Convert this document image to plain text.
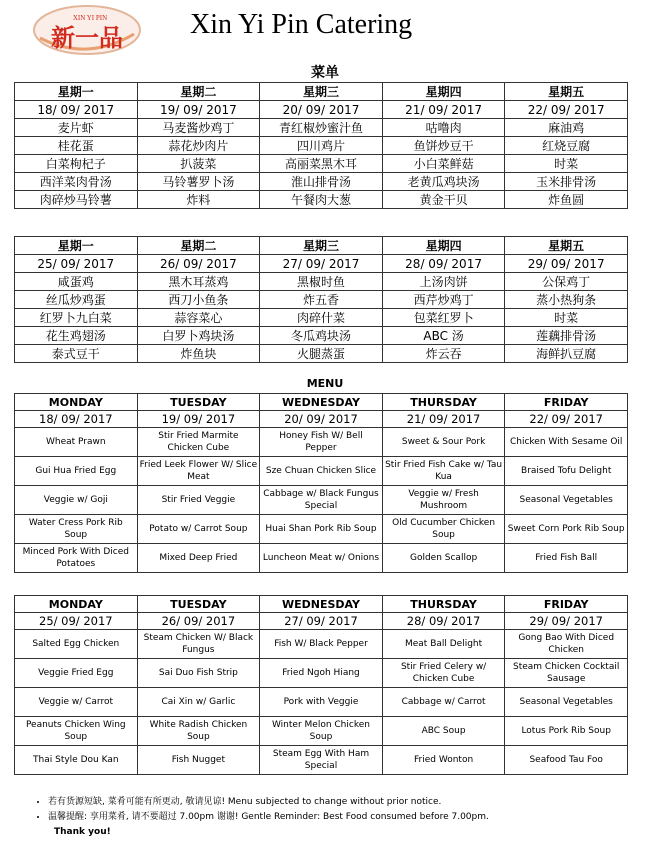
XIN YI PIN
新一品 Xin Yi Pin Catering
菜单
星期一	星期二	星期三	星期四	星期五
18/ 09/ 2017	19/ 09/ 2017	20/ 09/ 2017	21/ 09/ 2017	22/ 09/ 2017
麦片虾	马麦酱炒鸡丁	青红椒炒蜜汁鱼	咕噜肉	麻油鸡
桂花蛋	蒜花炒肉片	四川鸡片	鱼饼炒豆干	红烧豆腐
白菜枸杞子	扒菠菜	高丽菜黑木耳	小白菜鲜菇	时菜
西洋菜肉骨汤	马铃薯罗卜汤	淮山排骨汤	老黄瓜鸡块汤	玉米排骨汤
肉碎炒马铃薯	炸料	午餐肉大葱	黄金干贝	炸鱼圆
星期一	星期二	星期三	星期四	星期五
25/ 09/ 2017	26/ 09/ 2017	27/ 09/ 2017	28/ 09/ 2017	29/ 09/ 2017
咸蛋鸡	黑木耳蒸鸡	黑椒时鱼	上汤肉饼	公保鸡丁
丝瓜炒鸡蛋	西刀小鱼条	炸五香	西芹炒鸡丁	蒸小热狗条
红罗卜九白菜	蒜容菜心	肉碎什菜	包菜红罗卜	时菜
花生鸡翅汤	白罗卜鸡块汤	冬瓜鸡块汤	ABC 汤	莲藕排骨汤
泰式豆干	炸鱼块	火腿蒸蛋	炸云吞	海鲜扒豆腐
MENU
MONDAY	TUESDAY	WEDNESDAY	THURSDAY	FRIDAY
18/ 09/ 2017	19/ 09/ 2017	20/ 09/ 2017	21/ 09/ 2017	22/ 09/ 2017
Wheat Prawn	Stir Fried Marmite Chicken Cube	Honey Fish W/ Bell Pepper	Sweet & Sour Pork	Chicken With Sesame Oil
Gui Hua Fried Egg	Fried Leek Flower W/ Slice Meat	Sze Chuan Chicken Slice	Stir Fried Fish Cake w/ Tau Kua	Braised Tofu Delight
Veggie w/ Goji	Stir Fried Veggie	Cabbage w/ Black Fungus Special	Veggie w/ Fresh Mushroom	Seasonal Vegetables
Water Cress Pork Rib Soup	Potato w/ Carrot Soup	Huai Shan Pork Rib Soup	Old Cucumber Chicken Soup	Sweet Corn Pork Rib Soup
Minced Pork With Diced Potatoes	Mixed Deep Fried	Luncheon Meat w/ Onions	Golden Scallop	Fried Fish Ball
MONDAY	TUESDAY	WEDNESDAY	THURSDAY	FRIDAY
25/ 09/ 2017	26/ 09/ 2017	27/ 09/ 2017	28/ 09/ 2017	29/ 09/ 2017
Salted Egg Chicken	Steam Chicken W/ Black Fungus	Fish W/ Black Pepper	Meat Ball Delight	Gong Bao With Diced Chicken
Veggie Fried Egg	Sai Duo Fish Strip	Fried Ngoh Hiang	Stir Fried Celery w/ Chicken Cube	Steam Chicken Cocktail Sausage
Veggie w/ Carrot	Cai Xin w/ Garlic	Pork with Veggie	Cabbage w/ Carrot	Seasonal Vegetables
Peanuts Chicken Wing Soup	White Radish Chicken Soup	Winter Melon Chicken Soup	ABC Soup	Lotus Pork Rib Soup
Thai Style Dou Kan	Fish Nugget	Steam Egg With Ham Special	Fried Wonton	Seafood Tau Foo
• 若有货源短缺, 菜肴可能有所更动, 敬请见谅! Menu subjected to change without prior notice.
• 温馨提醒: 享用菜肴, 请不要超过 7.00pm 谢谢! Gentle Reminder: Best Food consumed before 7.00pm.
Thank you!
